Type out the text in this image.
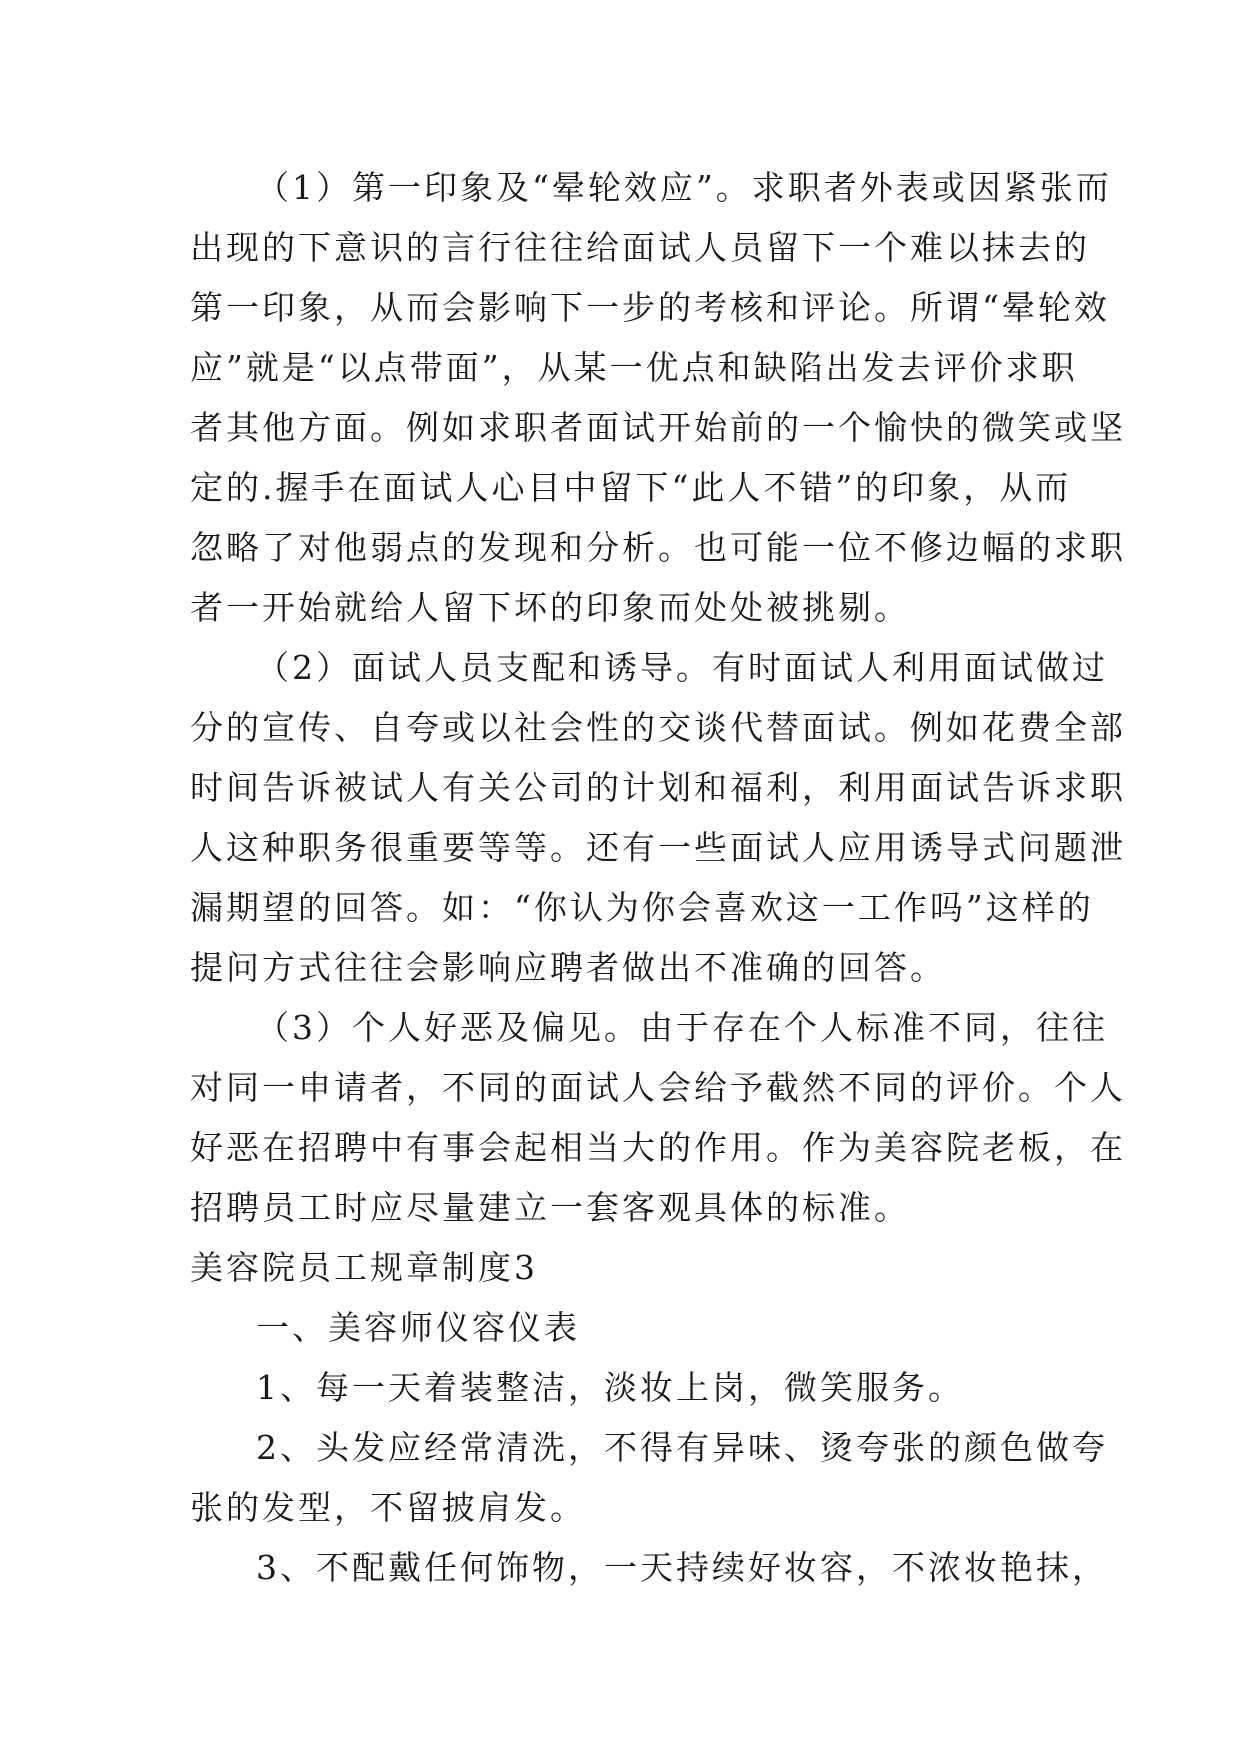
（1）第一印象及“晕轮效应”。求职者外表或因紧张而
出现的下意识的言行往往给面试人员留下一个难以抹去的
第一印象，从而会影响下一步的考核和评论。所谓“晕轮效
应”就是“以点带面”，从某一优点和缺陷出发去评价求职
者其他方面。例如求职者面试开始前的一个愉快的微笑或坚
定的.握手在面试人心目中留下“此人不错”的印象，从而
忽略了对他弱点的发现和分析。也可能一位不修边幅的求职
者一开始就给人留下坏的印象而处处被挑剔。

（2）面试人员支配和诱导。有时面试人利用面试做过
分的宣传、自夸或以社会性的交谈代替面试。例如花费全部
时间告诉被试人有关公司的计划和福利，利用面试告诉求职
人这种职务很重要等等。还有一些面试人应用诱导式问题泄
漏期望的回答。如：“你认为你会喜欢这一工作吗”这样的
提问方式往往会影响应聘者做出不准确的回答。

（3）个人好恶及偏见。由于存在个人标准不同，往往
对同一申请者，不同的面试人会给予截然不同的评价。个人
好恶在招聘中有事会起相当大的作用。作为美容院老板，在
招聘员工时应尽量建立一套客观具体的标准。

美容院员工规章制度3

一、美容师仪容仪表

1、每一天着装整洁，淡妆上岗，微笑服务。

2、头发应经常清洗，不得有异味、烫夸张的颜色做夸
张的发型，不留披肩发。

3、不配戴任何饰物，一天持续好妆容，不浓妆艳抹，
